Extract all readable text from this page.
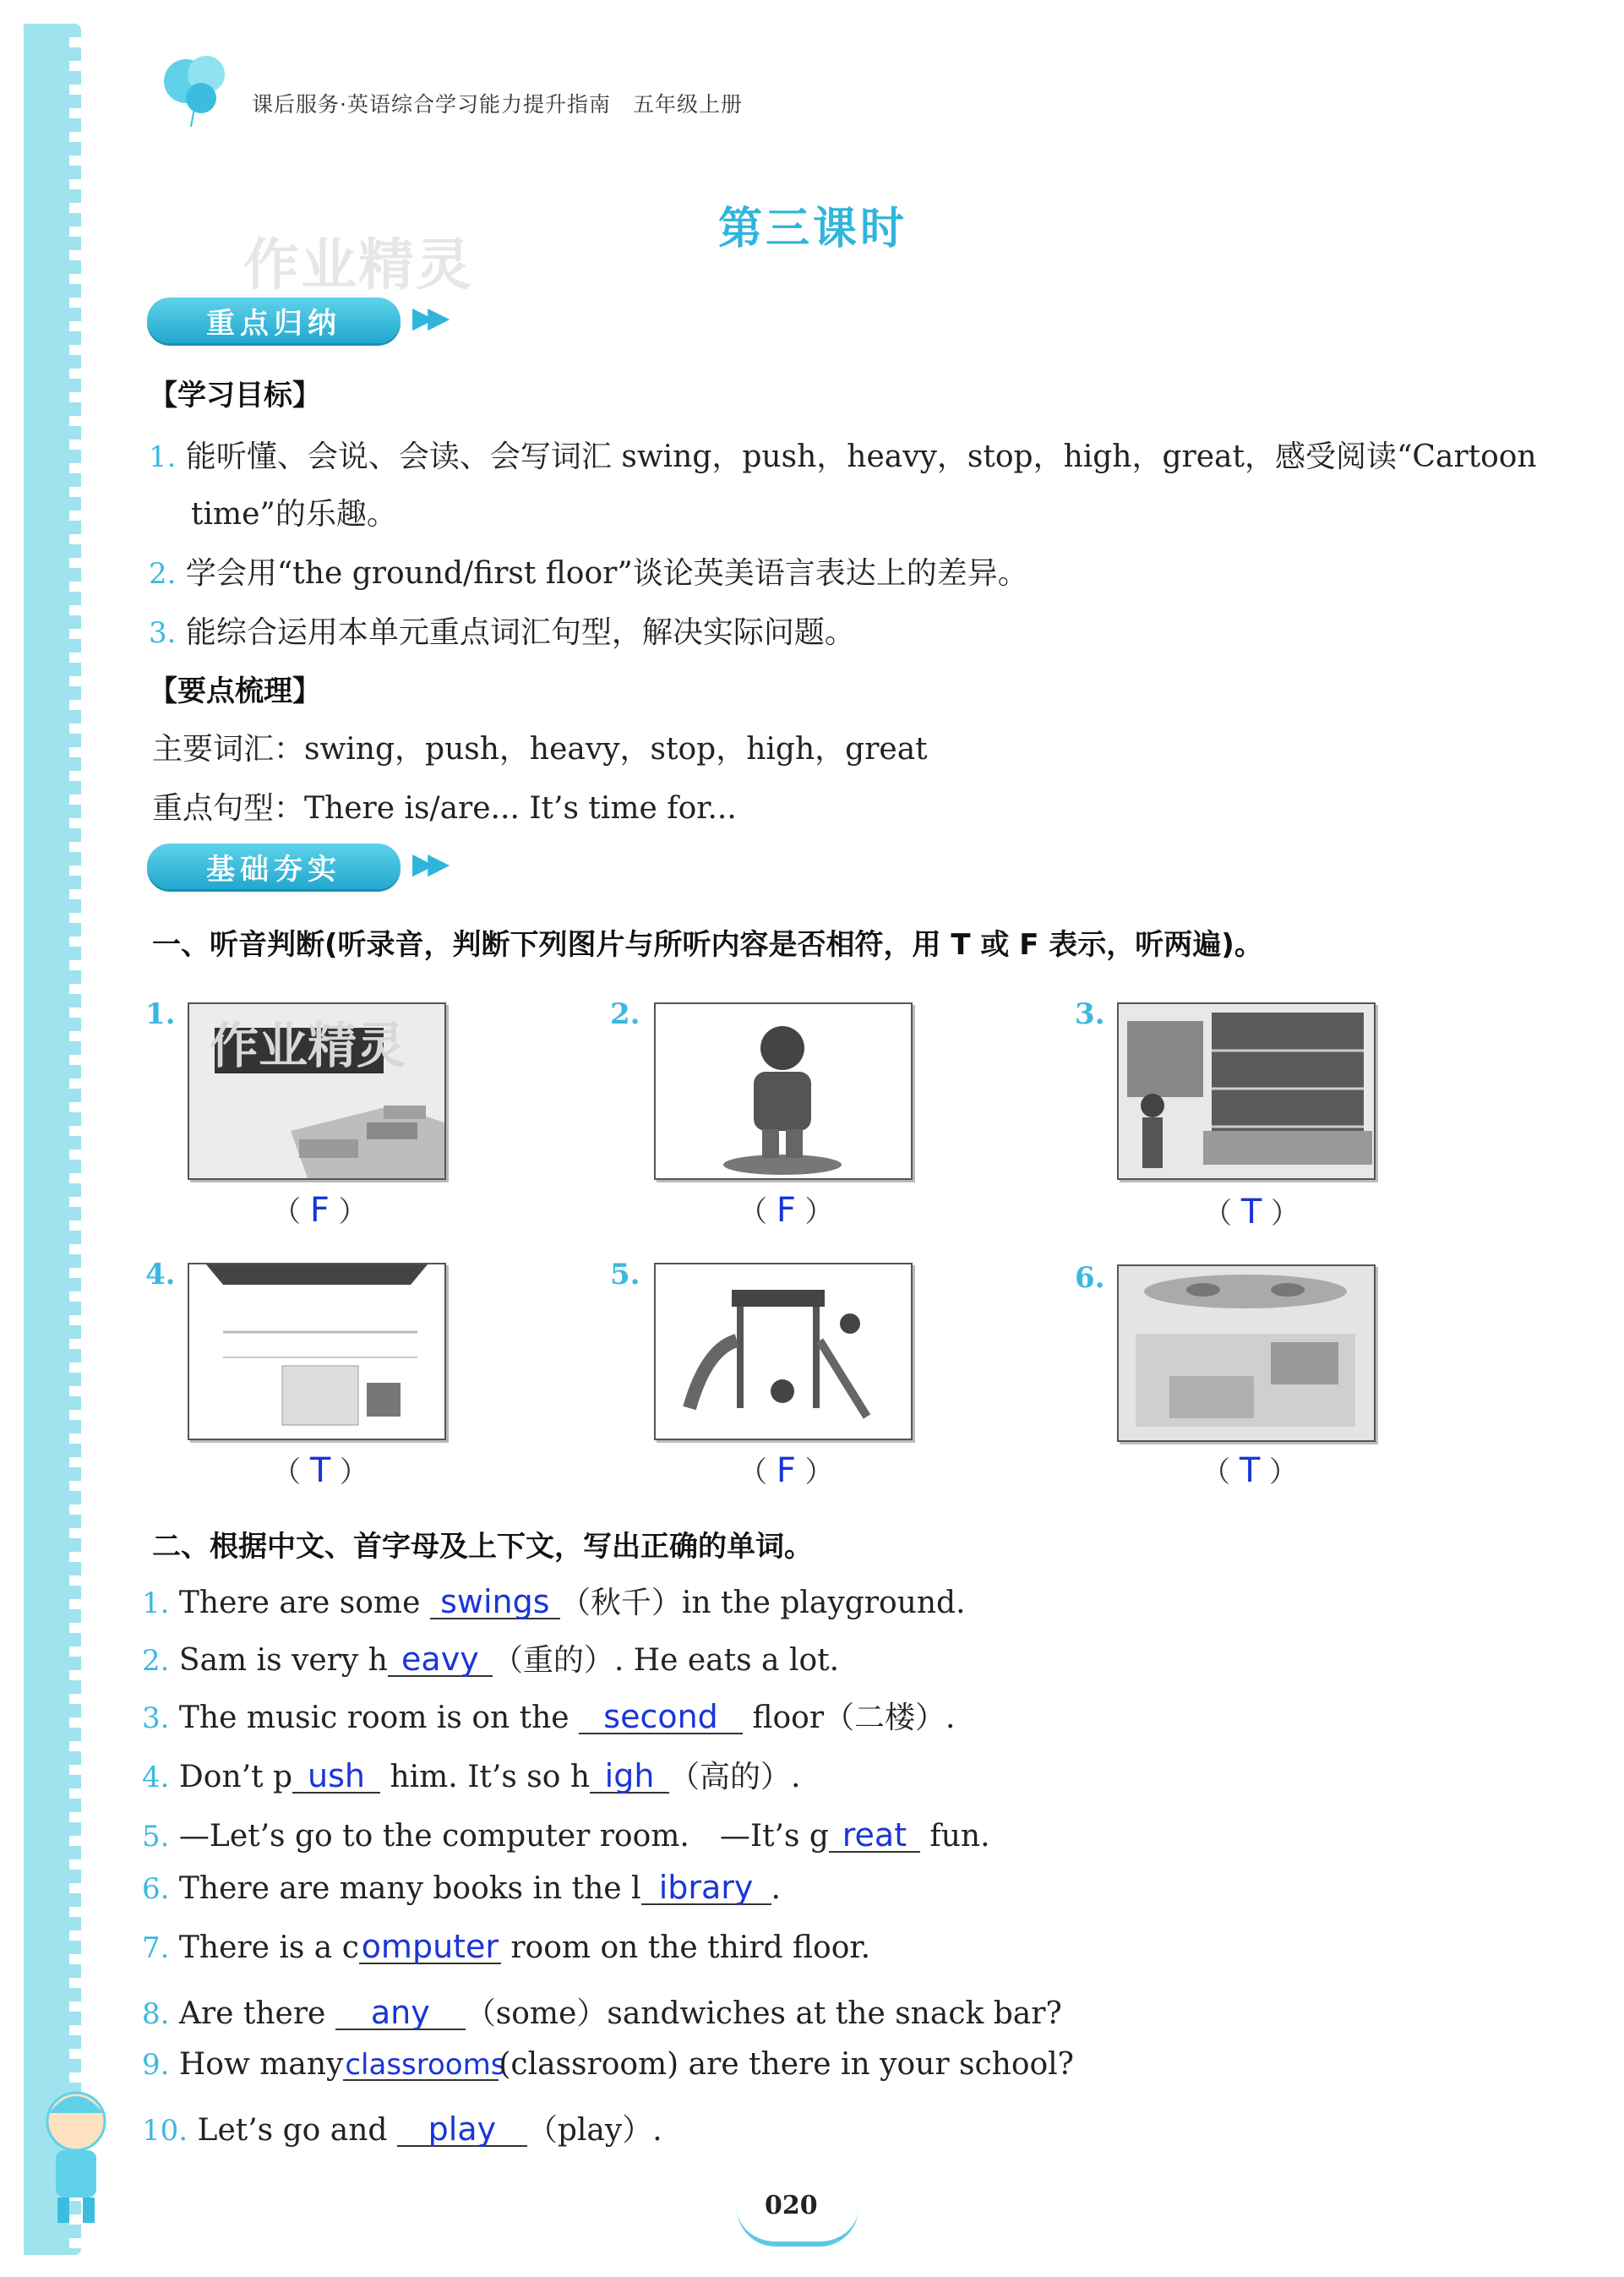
课后服务·英语综合学习能力提升指南　五年级上册
第三课时
作业精灵
重点归纳	▶▶
【学习目标】
1. 能听懂、会说、会读、会写词汇 swing，push，heavy，stop，high，great，感受阅读“Cartoon
time”的乐趣。
2. 学会用“the ground/first floor”谈论英美语言表达上的差异。
3. 能综合运用本单元重点词汇句型，解决实际问题。
【要点梳理】
主要词汇：swing，push，heavy，stop，high，great
重点句型：There is/are... It’s time for...
基础夯实	▶▶
一、听音判断(听录音，判断下列图片与所听内容是否相符，用 T 或 F 表示，听两遍)。
1.
（ F ）
作业精灵
2.
（ F ）
3.
（ T ）
4.
（ T ）
5.
（ F ）
6.
（ T ）
二、根据中文、首字母及上下文，写出正确的单词。
1. There are some swings （秋千）in the playground.
2. Sam is very h eavy （重的）. He eats a lot.
3. The music room is on the second floor（二楼）.
4. Don’t p ush him. It’s so h igh （高的）.
5. —Let’s go to the computer room.　—It’s g reat fun.
6. There are many books in the l ibrary .
7. There is a computer room on the third floor.
8. Are there any （some）sandwiches at the snack bar?
9. How manyclassrooms(classroom) are there in your school?
10. Let’s go and play （play）.
020
